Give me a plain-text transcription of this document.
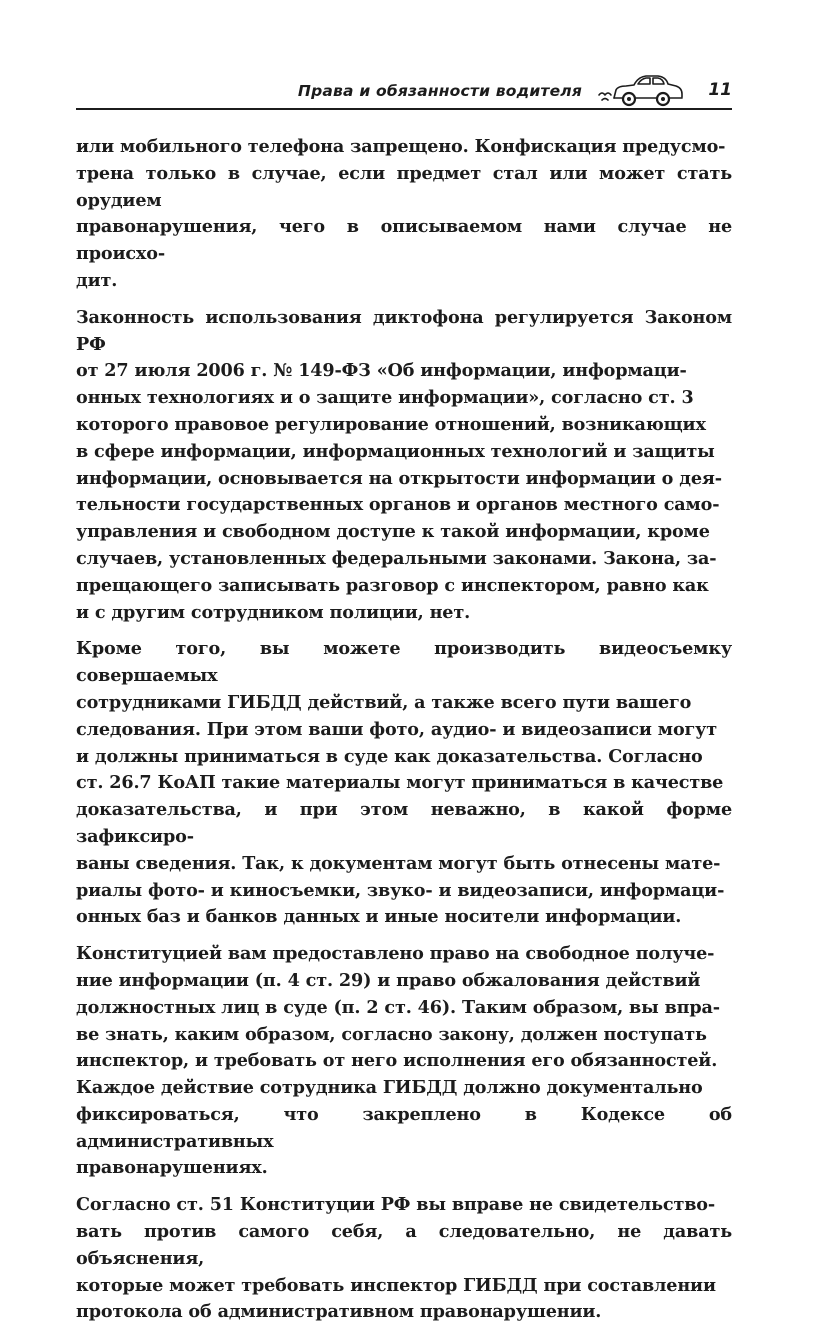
Права и обязанности водителя	11

или мобильного телефона запрещено. Конфискация предусмо-
трена только в случае, если предмет стал или может стать орудием
правонарушения, чего в описываемом нами случае не происхо-
дит.

Законность использования диктофона регулируется Законом РФ
от 27 июля 2006 г. № 149-ФЗ «Об информации, информаци-
онных технологиях и о защите информации», согласно ст. 3
которого правовое регулирование отношений, возникающих
в сфере информации, информационных технологий и защиты
информации, основывается на открытости информации о дея-
тельности государственных органов и органов местного само-
управления и свободном доступе к такой информации, кроме
случаев, установленных федеральными законами. Закона, за-
прещающего записывать разговор с инспектором, равно как
и с другим сотрудником полиции, нет.

Кроме того, вы можете производить видеосъемку совершаемых
сотрудниками ГИБДД действий, а также всего пути вашего
следования. При этом ваши фото, аудио- и видеозаписи могут
и должны приниматься в суде как доказательства. Согласно
ст. 26.7 КоАП такие материалы могут приниматься в качестве
доказательства, и при этом неважно, в какой форме зафиксиро-
ваны сведения. Так, к документам могут быть отнесены мате-
риалы фото- и киносъемки, звуко- и видеозаписи, информаци-
онных баз и банков данных и иные носители информации.

Конституцией вам предоставлено право на свободное получе-
ние информации (п. 4 ст. 29) и право обжалования действий
должностных лиц в суде (п. 2 ст. 46). Таким образом, вы впра-
ве знать, каким образом, согласно закону, должен поступать
инспектор, и требовать от него исполнения его обязанностей.
Каждое действие сотрудника ГИБДД должно документально
фиксироваться, что закреплено в Кодексе об административных
правонарушениях.

Согласно ст. 51 Конституции РФ вы вправе не свидетельство-
вать против самого себя, а следовательно, не давать объяснения,
которые может требовать инспектор ГИБДД при составлении
протокола об административном правонарушении.
